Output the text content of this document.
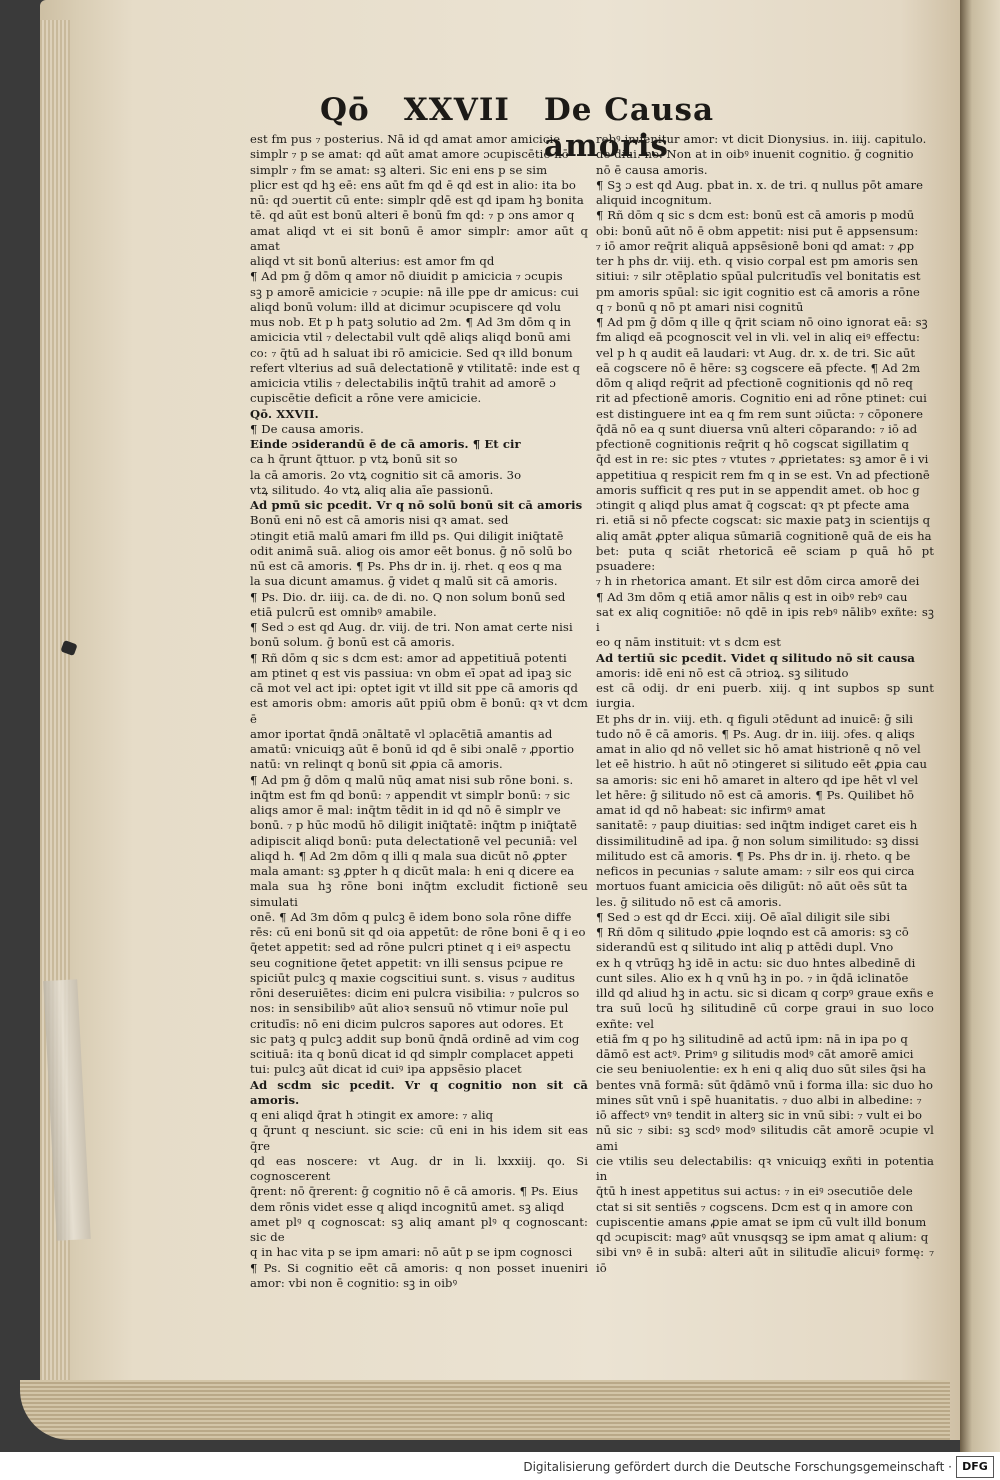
Qō XXVII De Causa amoris

est fm pus ₇ posterius. Nā id qd amat amor amicicie

simplr ₇ p se amat: qd aūt amat amore ɔcupiscētie nō

simplr ₇ fm se amat: sꝫ alteri. Sic eni ens p se sim

plicr est qd hꝫ eē: ens aūt fm qd ē qd est in alio: ita bo

nū: qd ɔuertit cū ente: simplr qdē est qd ipam hꝫ bonita

tē. qd aūt est bonū alteri ē bonū fm qd: ₇ p ɔns amor q

amat aliqd vt ei sit bonū ē amor simplr: amor aūt q amat

aliqd vt sit bonū alterius: est amor fm qd

¶ Ad pm ḡ dōm q amor nō diuidit p amicicia ₇ ɔcupis

sꝫ p amorē amicicie ₇ ɔcupie: nā ille ppe dr amicus: cui

aliqd bonū volum: illd at dicimur ɔcupiscere qd volu

mus nob. Et p h patꝫ solutio ad 2m. ¶ Ad 3m dōm q in

amicicia vtil ₇ delectabil vult qdē aliqs aliqd bonū ami

co: ₇ q̄tū ad h saluat ibi rō amicicie. Sed qꝛ illd bonum

refert vlterius ad suā delectationē ꝟ vtilitatē: inde est q

amicicia vtilis ₇ delectabilis inq̄tū trahit ad amorē ɔ

cupiscētie deficit a rōne vere amicicie.

Qō. XXVII.

¶ De causa amoris.

Einde ɔsiderandū ē de cā amoris. ¶ Et cir

ca h q̄runt q̄ttuor. p vtꝝ bonū sit so

la cā amoris. 2o vtꝝ cognitio sit cā amoris. 3o

vtꝝ silitudo. 4o vtꝝ aliq alia aīe passionū.

Ad pmū sic pcedit. Vr q nō solū bonū sit cā amoris

Bonū eni nō est cā amoris nisi qꝛ amat. sed

ɔtingit etiā malū amari fm illd ps. Qui diligit iniq̄tatē

odit animā suā. aliog ois amor eēt bonus. ḡ nō solū bo

nū est cā amoris. ¶ Ps. Phs dr in. ij. rhet. q eos q ma

la sua dicunt amamus. ḡ videt q malū sit cā amoris.

¶ Ps. Dio. dr. iiij. ca. de di. no. Q non solum bonū sed

etiā pulcrū est omnibꝰ amabile.

¶ Sed ɔ est qd Aug. dr. viij. de tri. Non amat certe nisi

bonū solum. ḡ bonū est cā amoris.

¶ Rñ dōm q sic s dcm est: amor ad appetitiuā potenti

am ptinet q est vis passiua: vn obm eī ɔpat ad ipaꝫ sic

cā mot vel act ipi: optet igit vt illd sit ppe cā amoris qd

est amoris obm: amoris aūt ppiū obm ē bonū: qꝛ vt dcm ē

amor iportat q̄ndā ɔnāltatē vl ɔplacētiā amantis ad

amatū: vnicuiqꝫ aūt ē bonū id qd ē sibi ɔnalē ₇ ꝓportio

natū: vn relinqt q bonū sit ꝓpia cā amoris.

¶ Ad pm ḡ dōm q malū nūq amat nisi sub rōne boni. s.

inq̄tm est fm qd bonū: ₇ appendit vt simplr bonū: ₇ sic

aliqs amor ē mal: inq̄tm tēdit in id qd nō ē simplr ve

bonū. ₇ p hūc modū hō diligit iniq̄tatē: inq̄tm p iniq̄tatē

adipiscit aliqd bonū: puta delectationē vel pecuniā: vel

aliqd h. ¶ Ad 2m dōm q illi q mala sua dicūt nō ꝓpter

mala amant: sꝫ ꝓpter h q dicūt mala: h eni q dicere ea

mala sua hꝫ rōne boni inq̄tm excludit fictionē seu simulati

onē. ¶ Ad 3m dōm q pulcꝫ ē idem bono sola rōne diffe

rēs: cū eni bonū sit qd oia appetūt: de rōne boni ē q i eo

q̄etet appetit: sed ad rōne pulcri ptinet q i eiꝰ aspectu

seu cognitione q̄etet appetit: vn illi sensus pcipue re

spiciūt pulcꝫ q maxie cogscitiui sunt. s. visus ₇ auditus

rōni deseruiētes: dicim eni pulcra visibilia: ₇ pulcros so

nos: in sensibilibꝰ aūt alioꝛ sensuū nō vtimur noīe pul

critudīs: nō eni dicim pulcros sapores aut odores. Et

sic patꝫ q pulcꝫ addit sup bonū q̄ndā ordinē ad vim cog

scitiuā: ita q bonū dicat id qd simplr complacet appeti

tui: pulcꝫ aūt dicat id cuiꝰ ipa appsēsio placet

Ad scdm sic pcedit. Vr q cognitio non sit cā amoris.

q eni aliqd q̄rat h ɔtingit ex amore: ₇ aliq

q q̄runt q nesciunt. sic scie: cū eni in his idem sit eas q̄re

qd eas noscere: vt Aug. dr in li. lxxxiij. qo. Si cognoscerent

q̄rent: nō q̄rerent: ḡ cognitio nō ē cā amoris. ¶ Ps. Eius

dem rōnis videt esse q aliqd incognitū amet. sꝫ aliqd

amet plꝰ q cognoscat: sꝫ aliq amant plꝰ q cognoscant: sic de

q in hac vita p se ipm amari: nō aūt p se ipm cognosci

¶ Ps. Si cognitio eēt cā amoris: q non posset inueniri amor: vbi non ē cognitio: sꝫ in oibꝰ

rebꝰ inuenitur amor: vt dicit Dionysius. in. iiij. capitulo.

de diui. no. Non at in oibꝰ inuenit cognitio. ḡ cognitio

nō ē causa amoris.

¶ Sꝫ ɔ est qd Aug. pbat in. x. de tri. q nullus pōt amare

aliquid incognitum.

¶ Rñ dōm q sic s dcm est: bonū est cā amoris p modū

obi: bonū aūt nō ē obm appetit: nisi put ē appsensum:

₇ iō amor req̄rit aliquā appsēsionē boni qd amat: ₇ ꝓp

ter h phs dr. viij. eth. q visio corpal est pm amoris sen

sitiui: ₇ silr ɔtēplatio spūal pulcritudīs vel bonitatis est

pm amoris spūal: sic igit cognitio est cā amoris a rōne

q ₇ bonū q nō pt amari nisi cognitū

¶ Ad pm ḡ dōm q ille q q̄rit sciam nō oino ignorat eā: sꝫ

fm aliqd eā pcognoscit vel in vli. vel in aliq eiꝰ effectu:

vel p h q audit eā laudari: vt Aug. dr. x. de tri. Sic aūt

eā cogscere nō ē hēre: sꝫ cogscere eā pfecte. ¶ Ad 2m

dōm q aliqd req̄rit ad pfectionē cognitionis qd nō req

rit ad pfectionē amoris. Cognitio eni ad rōne ptinet: cui

est distinguere int ea q fm rem sunt ɔiūcta: ₇ cōponere

q̄dā nō ea q sunt diuersa vnū alteri cōparando: ₇ iō ad

pfectionē cognitionis req̄rit q hō cogscat sigillatim q

q̄d est in re: sic ptes ₇ vtutes ₇ ꝓprietates: sꝫ amor ē i vi

appetitiua q respicit rem fm q in se est. Vn ad pfectionē

amoris sufficit q res put in se appendit amet. ob hoc g

ɔtingit q aliqd plus amat q̄ cogscat: qꝛ pt pfecte ama

ri. etiā si nō pfecte cogscat: sic maxie patꝫ in scientijs q

aliq amāt ꝓpter aliqua sūmariā cognitionē quā de eis ha

bet: puta q sciāt rhetoricā eē sciam p quā hō pt psuadere:

₇ h in rhetorica amant. Et silr est dōm circa amorē dei

¶ Ad 3m dōm q etiā amor nālis q est in oibꝰ rebꝰ cau

sat ex aliq cognitiōe: nō qdē in ipis rebꝰ nālibꝰ exñte: sꝫ i

eo q nām instituit: vt s dcm est

Ad tertiū sic pcedit. Videt q silitudo nō sit causa

amoris: idē eni nō est cā ɔtrioꝝ. sꝫ silitudo

est cā odij. dr eni puerb. xiij. q int supbos sp sunt iurgia.

Et phs dr in. viij. eth. q figuli ɔtēdunt ad inuicē: ḡ sili

tudo nō ē cā amoris. ¶ Ps. Aug. dr in. iiij. ɔfes. q aliqs

amat in alio qd nō vellet sic hō amat histrionē q nō vel

let eē histrio. h aūt nō ɔtingeret si silitudo eēt ꝓpia cau

sa amoris: sic eni hō amaret in altero qd ipe hēt vl vel

let hēre: ḡ silitudo nō est cā amoris. ¶ Ps. Quilibet hō

amat id qd nō habeat: sic infirmꝰ amat

sanitatē: ₇ paup diuitias: sed inq̄tm indiget caret eis h

dissimilitudinē ad ipa. ḡ non solum similitudo: sꝫ dissi

militudo est cā amoris. ¶ Ps. Phs dr in. ij. rheto. q be

neficos in pecunias ₇ salute amam: ₇ silr eos qui circa

mortuos fuant amicicia oēs diligūt: nō aūt oēs sūt ta

les. ḡ silitudo nō est cā amoris.

¶ Sed ɔ est qd dr Ecci. xiij. Oē aīal diligit sile sibi

¶ Rñ dōm q silitudo ꝓpie loqndo est cā amoris: sꝫ cō

siderandū est q silitudo int aliq p attēdi dupl. Vno

ex h q vtrūqꝫ hꝫ idē in actu: sic duo hntes albedinē di

cunt siles. Alio ex h q vnū hꝫ in po. ₇ in q̄dā iclinatōe

illd qd aliud hꝫ in actu. sic si dicam q corpꝰ graue exñs e

tra suū locū hꝫ silitudinē cū corpe graui in suo loco exñte: vel

etiā fm q po hꝫ silitudinē ad actū ipm: nā in ipa po q

dāmō est actꝰ. Primꝰ g silitudis modꝰ cāt amorē amici

cie seu beniuolentie: ex h eni q aliq duo sūt siles q̄si ha

bentes vnā formā: sūt q̄dāmō vnū i forma illa: sic duo ho

mines sūt vnū i spē huanitatis. ₇ duo albi in albedine: ₇

iō affectꝰ vnꝰ tendit in alterꝫ sic in vnū sibi: ₇ vult ei bo

nū sic ₇ sibi: sꝫ scdꝰ modꝰ silitudis cāt amorē ɔcupie vl ami

cie vtilis seu delectabilis: qꝛ vnicuiqꝫ exñti in potentia in

q̄tū h inest appetitus sui actus: ₇ in eiꝰ ɔsecutiōe dele

ctat si sit sentiēs ₇ cogscens. Dcm est q in amore con

cupiscentie amans ꝓpie amat se ipm cū vult illd bonum

qd ɔcupiscit: magꝰ aūt vnusqsqꝫ se ipm amat q alium: q

sibi vnꝰ ē in subā: alteri aūt in silitudīe alicuiꝰ formę: ₇ iō

Digitalisierung gefördert durch die Deutsche Forschungsgemeinschaft · DFG
